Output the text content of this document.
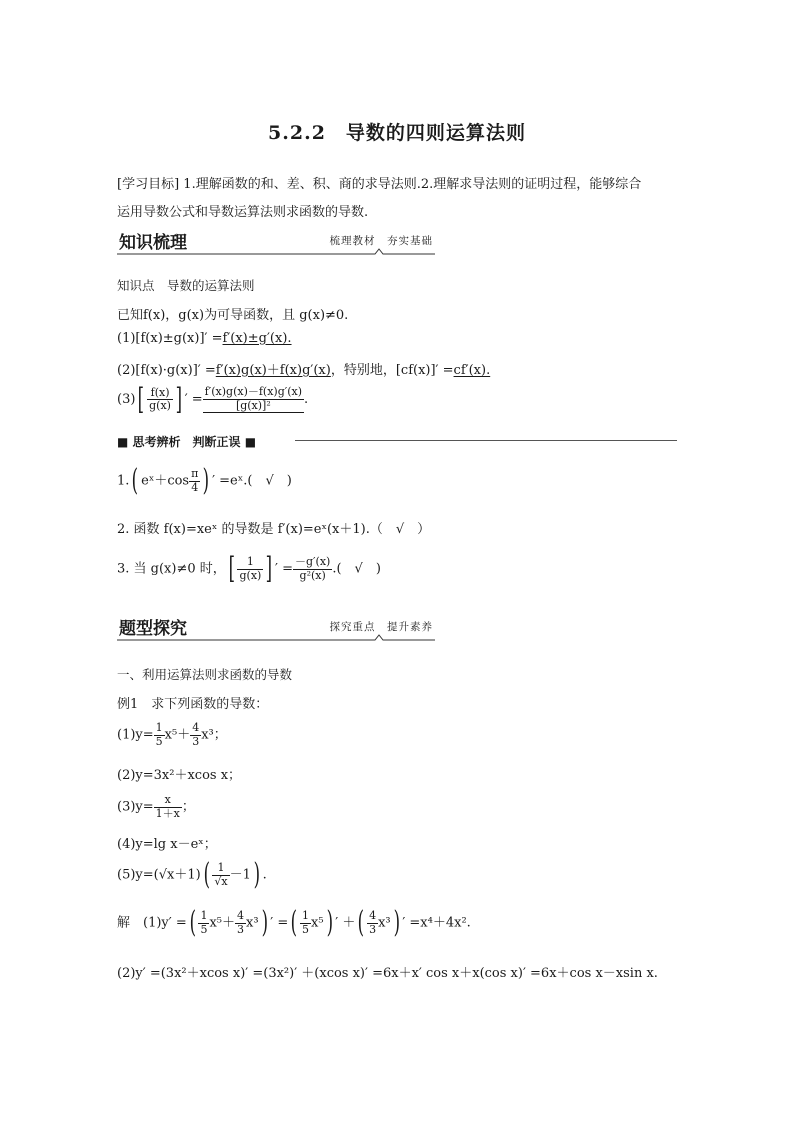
5.2.2　导数的四则运算法则
[学习目标] 1.理解函数的和、差、积、商的求导法则.2.理解求导法则的证明过程，能够综合
运用导数公式和导数运算法则求函数的导数.
知识梳理	梳理教材　夯实基础
知识点　导数的运算法则
已知f(x)，g(x)为可导函数，且 g(x)≠0.
(1)[f(x)±g(x)]′ =f′(x)±g′(x).
(2)[f(x)·g(x)]′ =f′(x)g(x)＋f(x)g′(x)，特别地，[cf(x)]′ =cf′(x).
$(3)[ \frac{f(x)}{g(x)}$ ] ′ = $\frac{f'(x)g(x)-f(x)g'(x)}{\text{[g(x)]²}}$ .
■ 思考辨析　判断正误 ■
1.( eˣ＋cos $\frac{\pi}{4}$ ) ′ =eˣ.(　√　)
2. 函数 f(x)=xeˣ 的导数是 f′(x)=eˣ(x＋1).（　√　）
3. 当 g(x)≠0 时，[ $\frac{1}{g(x)}$ ] ′ = $\frac{-g'(x)}{\text{g²(x)}}$ .(　√　)
题型探究	探究重点　提升素养
一、利用运算法则求函数的导数
例1　求下列函数的导数：
$(1)y= \frac{1}{5} x^5+ \frac{4}{3} x^3$；
(2)y=3x²＋xcos x；
$(3)y= \frac{x}{1+x}$ ；
(4)y=lg x－eˣ；
$(5)y=(√x+1)( \frac{1}{√x} -1)$ .
解　(1)y′ =( $\frac{1}{5} x^5+ \frac{4}{3} x^3$) ′ =( $\frac{1}{5} x^5$) ′ ＋( $\frac{4}{3} x^3$) ′ =x⁴＋4x².
(2)y′ =(3x²＋xcos x)′ =(3x²)′ ＋(xcos x)′ =6x＋x′ cos x＋x(cos x)′ =6x＋cos x－xsin x.
